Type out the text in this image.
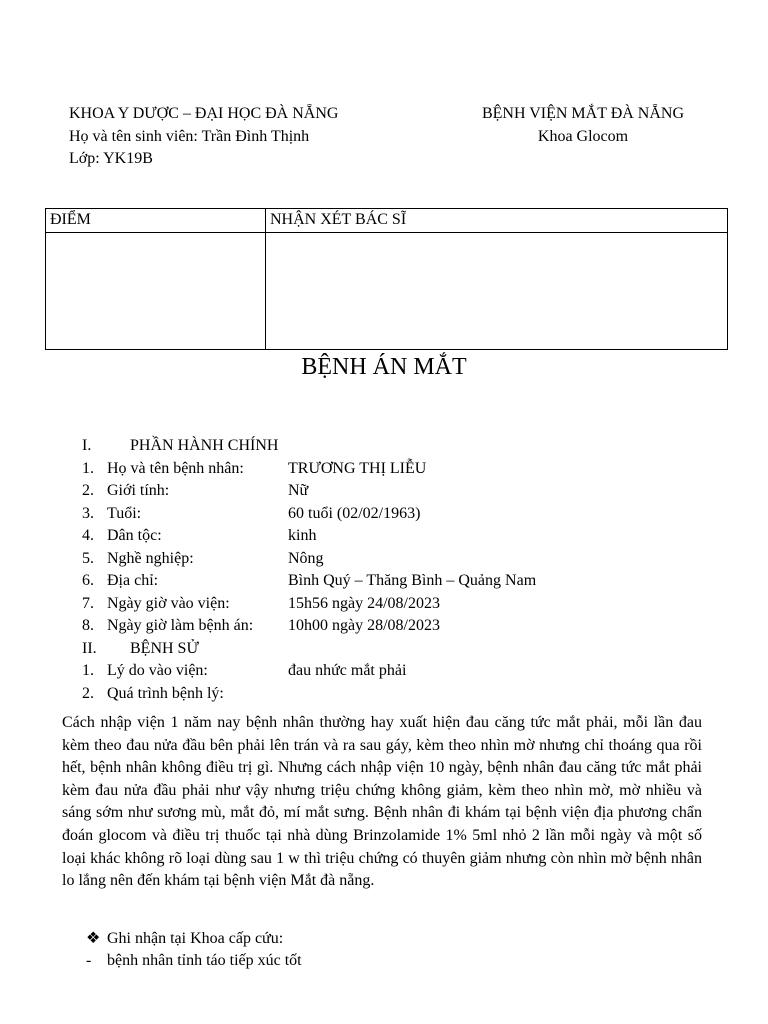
KHOA Y DƯỢC – ĐẠI HỌC ĐÀ NẴNG
Họ và tên sinh viên: Trần Đình Thịnh
Lớp: YK19B
BỆNH VIỆN MẮT ĐÀ NẴNG
Khoa Glocom
ĐIỂM	NHẬN XÉT BÁC SĨ

BỆNH ÁN MẮT
I. PHẦN HÀNH CHÍNH
1. Họ và tên bệnh nhân:	TRƯƠNG THỊ LIỄU
2. Giới tính:	Nữ
3. Tuổi:	60 tuổi (02/02/1963)
4. Dân tộc:	kinh
5. Nghề nghiệp:	Nông
6. Địa chỉ:	Bình Quý – Thăng Bình – Quảng Nam
7. Ngày giờ vào viện:	15h56 ngày 24/08/2023
8. Ngày giờ làm bệnh án: 10h00 ngày 28/08/2023
II. BỆNH SỬ
1. Lý do vào viện:	đau nhức mắt phải
2. Quá trình bệnh lý:

Cách nhập viện 1 năm nay bệnh nhân thường hay xuất hiện đau căng tức mắt phải, mỗi lần đau kèm theo đau nửa đầu bên phải lên trán và ra sau gáy, kèm theo nhìn mờ nhưng chỉ thoáng qua rồi hết, bệnh nhân không điều trị gì. Nhưng cách nhập viện 10 ngày, bệnh nhân đau căng tức mắt phải kèm đau nửa đầu phải như vậy nhưng triệu chứng không giảm, kèm theo nhìn mờ, mờ nhiều và sáng sớm như sương mù, mắt đỏ, mí mắt sưng. Bệnh nhân đi khám tại bệnh viện địa phương chẩn đoán glocom và điều trị thuốc tại nhà dùng Brinzolamide 1% 5ml nhỏ 2 lần mỗi ngày và một số loại khác không rõ loại dùng sau 1 w thì triệu chứng có thuyên giảm nhưng còn nhìn mờ bệnh nhân lo lắng nên đến khám tại bệnh viện Mắt đà nẵng.

❖ Ghi nhận tại Khoa cấp cứu:
- bệnh nhân tỉnh táo tiếp xúc tốt
